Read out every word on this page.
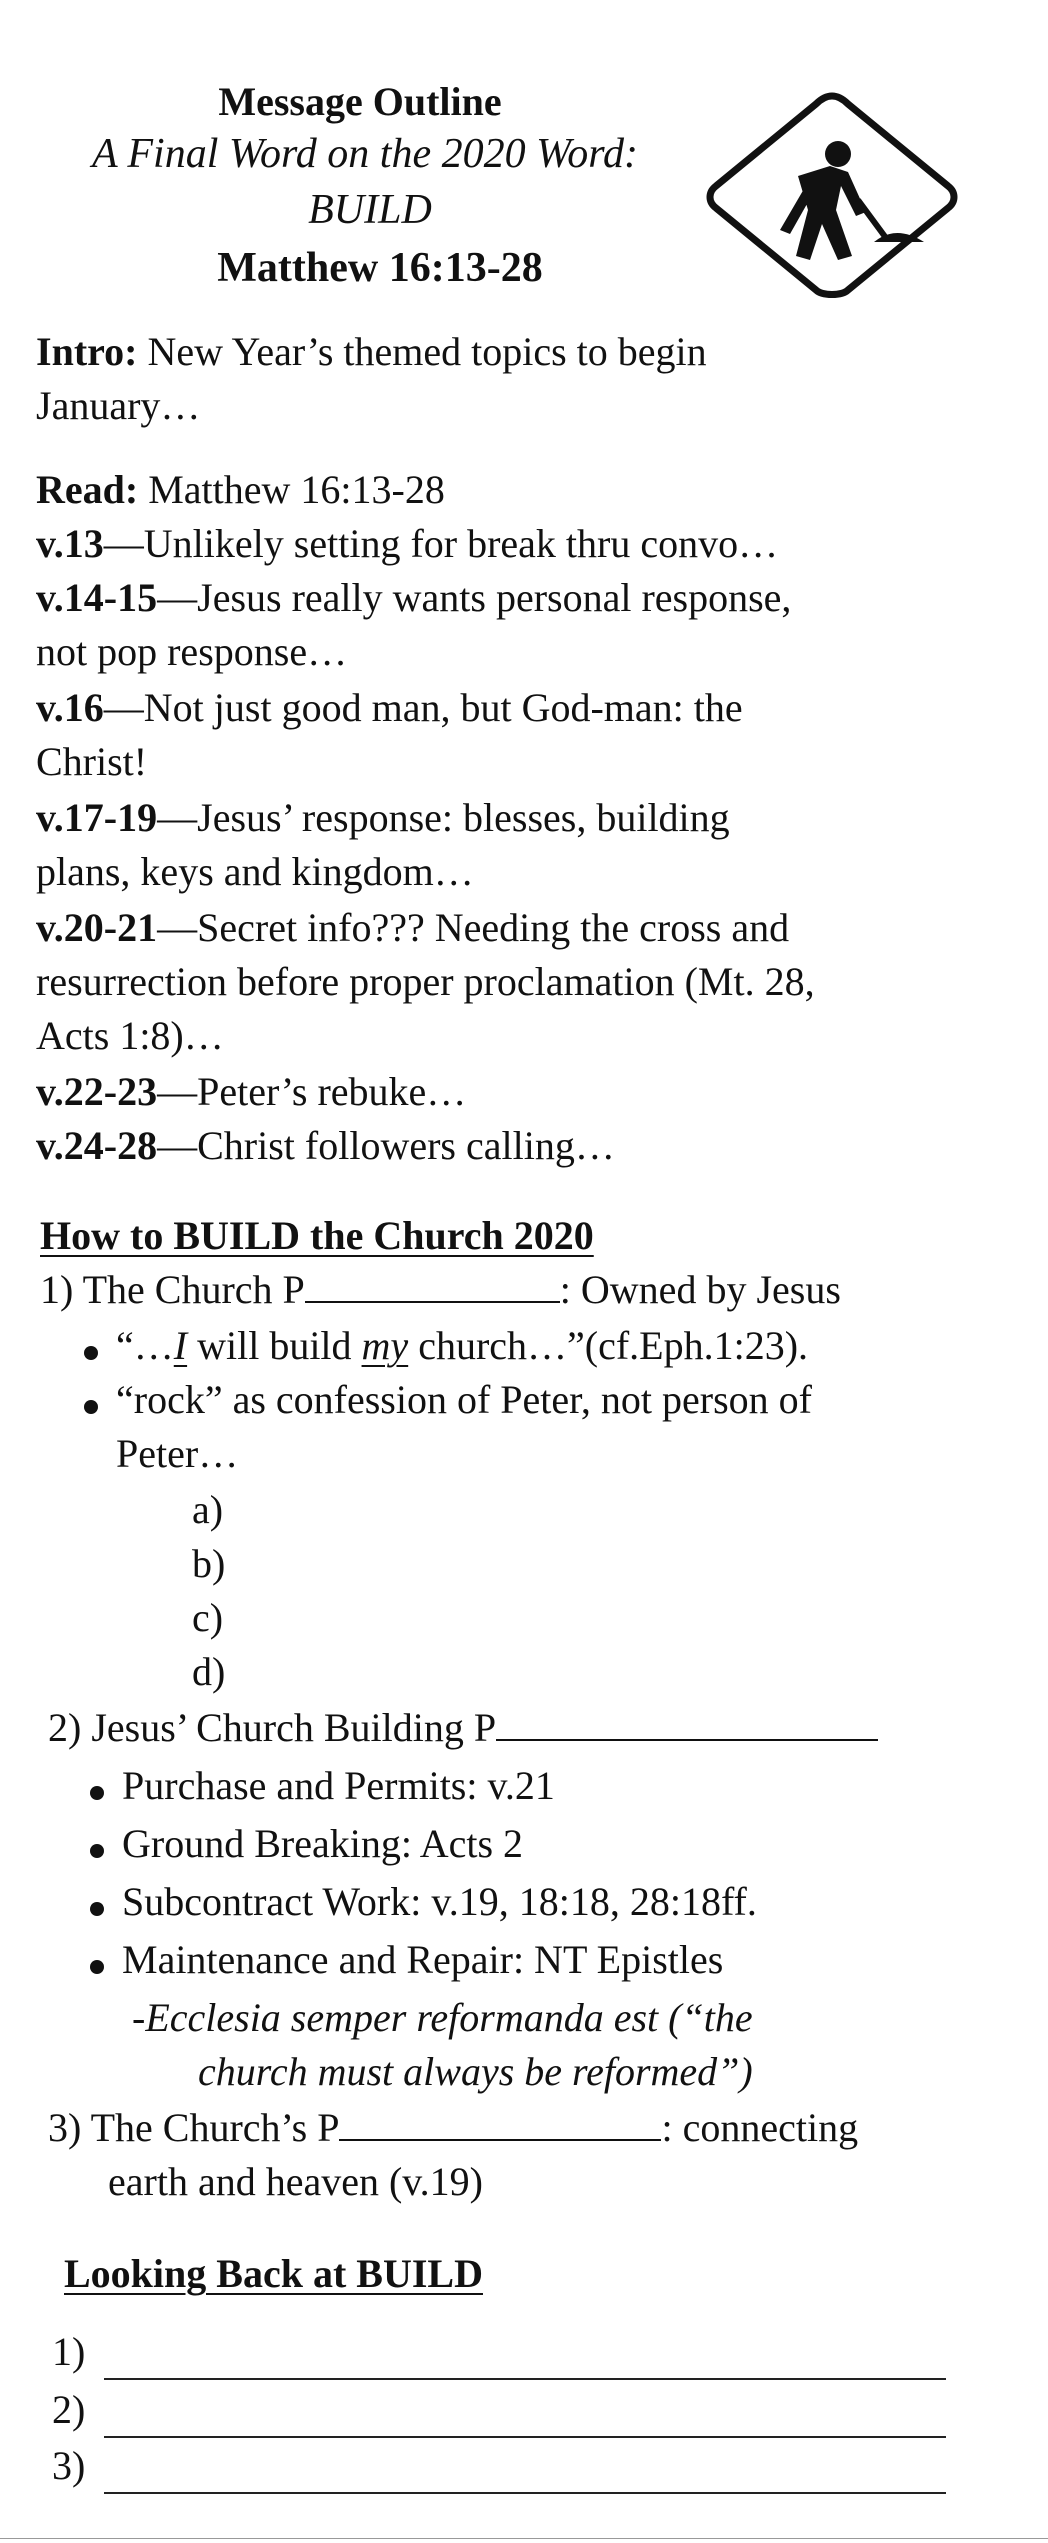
Message Outline
A Final Word on the 2020 Word:
BUILD
Matthew 16:13-28
Intro: New Year’s themed topics to begin
January…
Read: Matthew 16:13-28
v.13—Unlikely setting for break thru convo…
v.14-15—Jesus really wants personal response,
not pop response…
v.16—Not just good man, but God-man: the
Christ!
v.17-19—Jesus’ response: blesses, building
plans, keys and kingdom…
v.20-21—Secret info??? Needing the cross and
resurrection before proper proclamation (Mt. 28,
Acts 1:8)…
v.22-23—Peter’s rebuke…
v.24-28—Christ followers calling…
How to BUILD the Church 2020
1) The Church P	: Owned by Jesus
“…I will build my church…”(cf.Eph.1:23).
“rock” as confession of Peter, not person of
Peter…
a)
b)
c)
d)
2) Jesus’ Church Building P
Purchase and Permits: v.21
Ground Breaking: Acts 2
Subcontract Work: v.19, 18:18, 28:18ff.
Maintenance and Repair: NT Epistles
-Ecclesia semper reformanda est (“the
church must always be reformed”)
3) The Church’s P	: connecting
earth and heaven (v.19)
Looking Back at BUILD
1)
2)
3)
